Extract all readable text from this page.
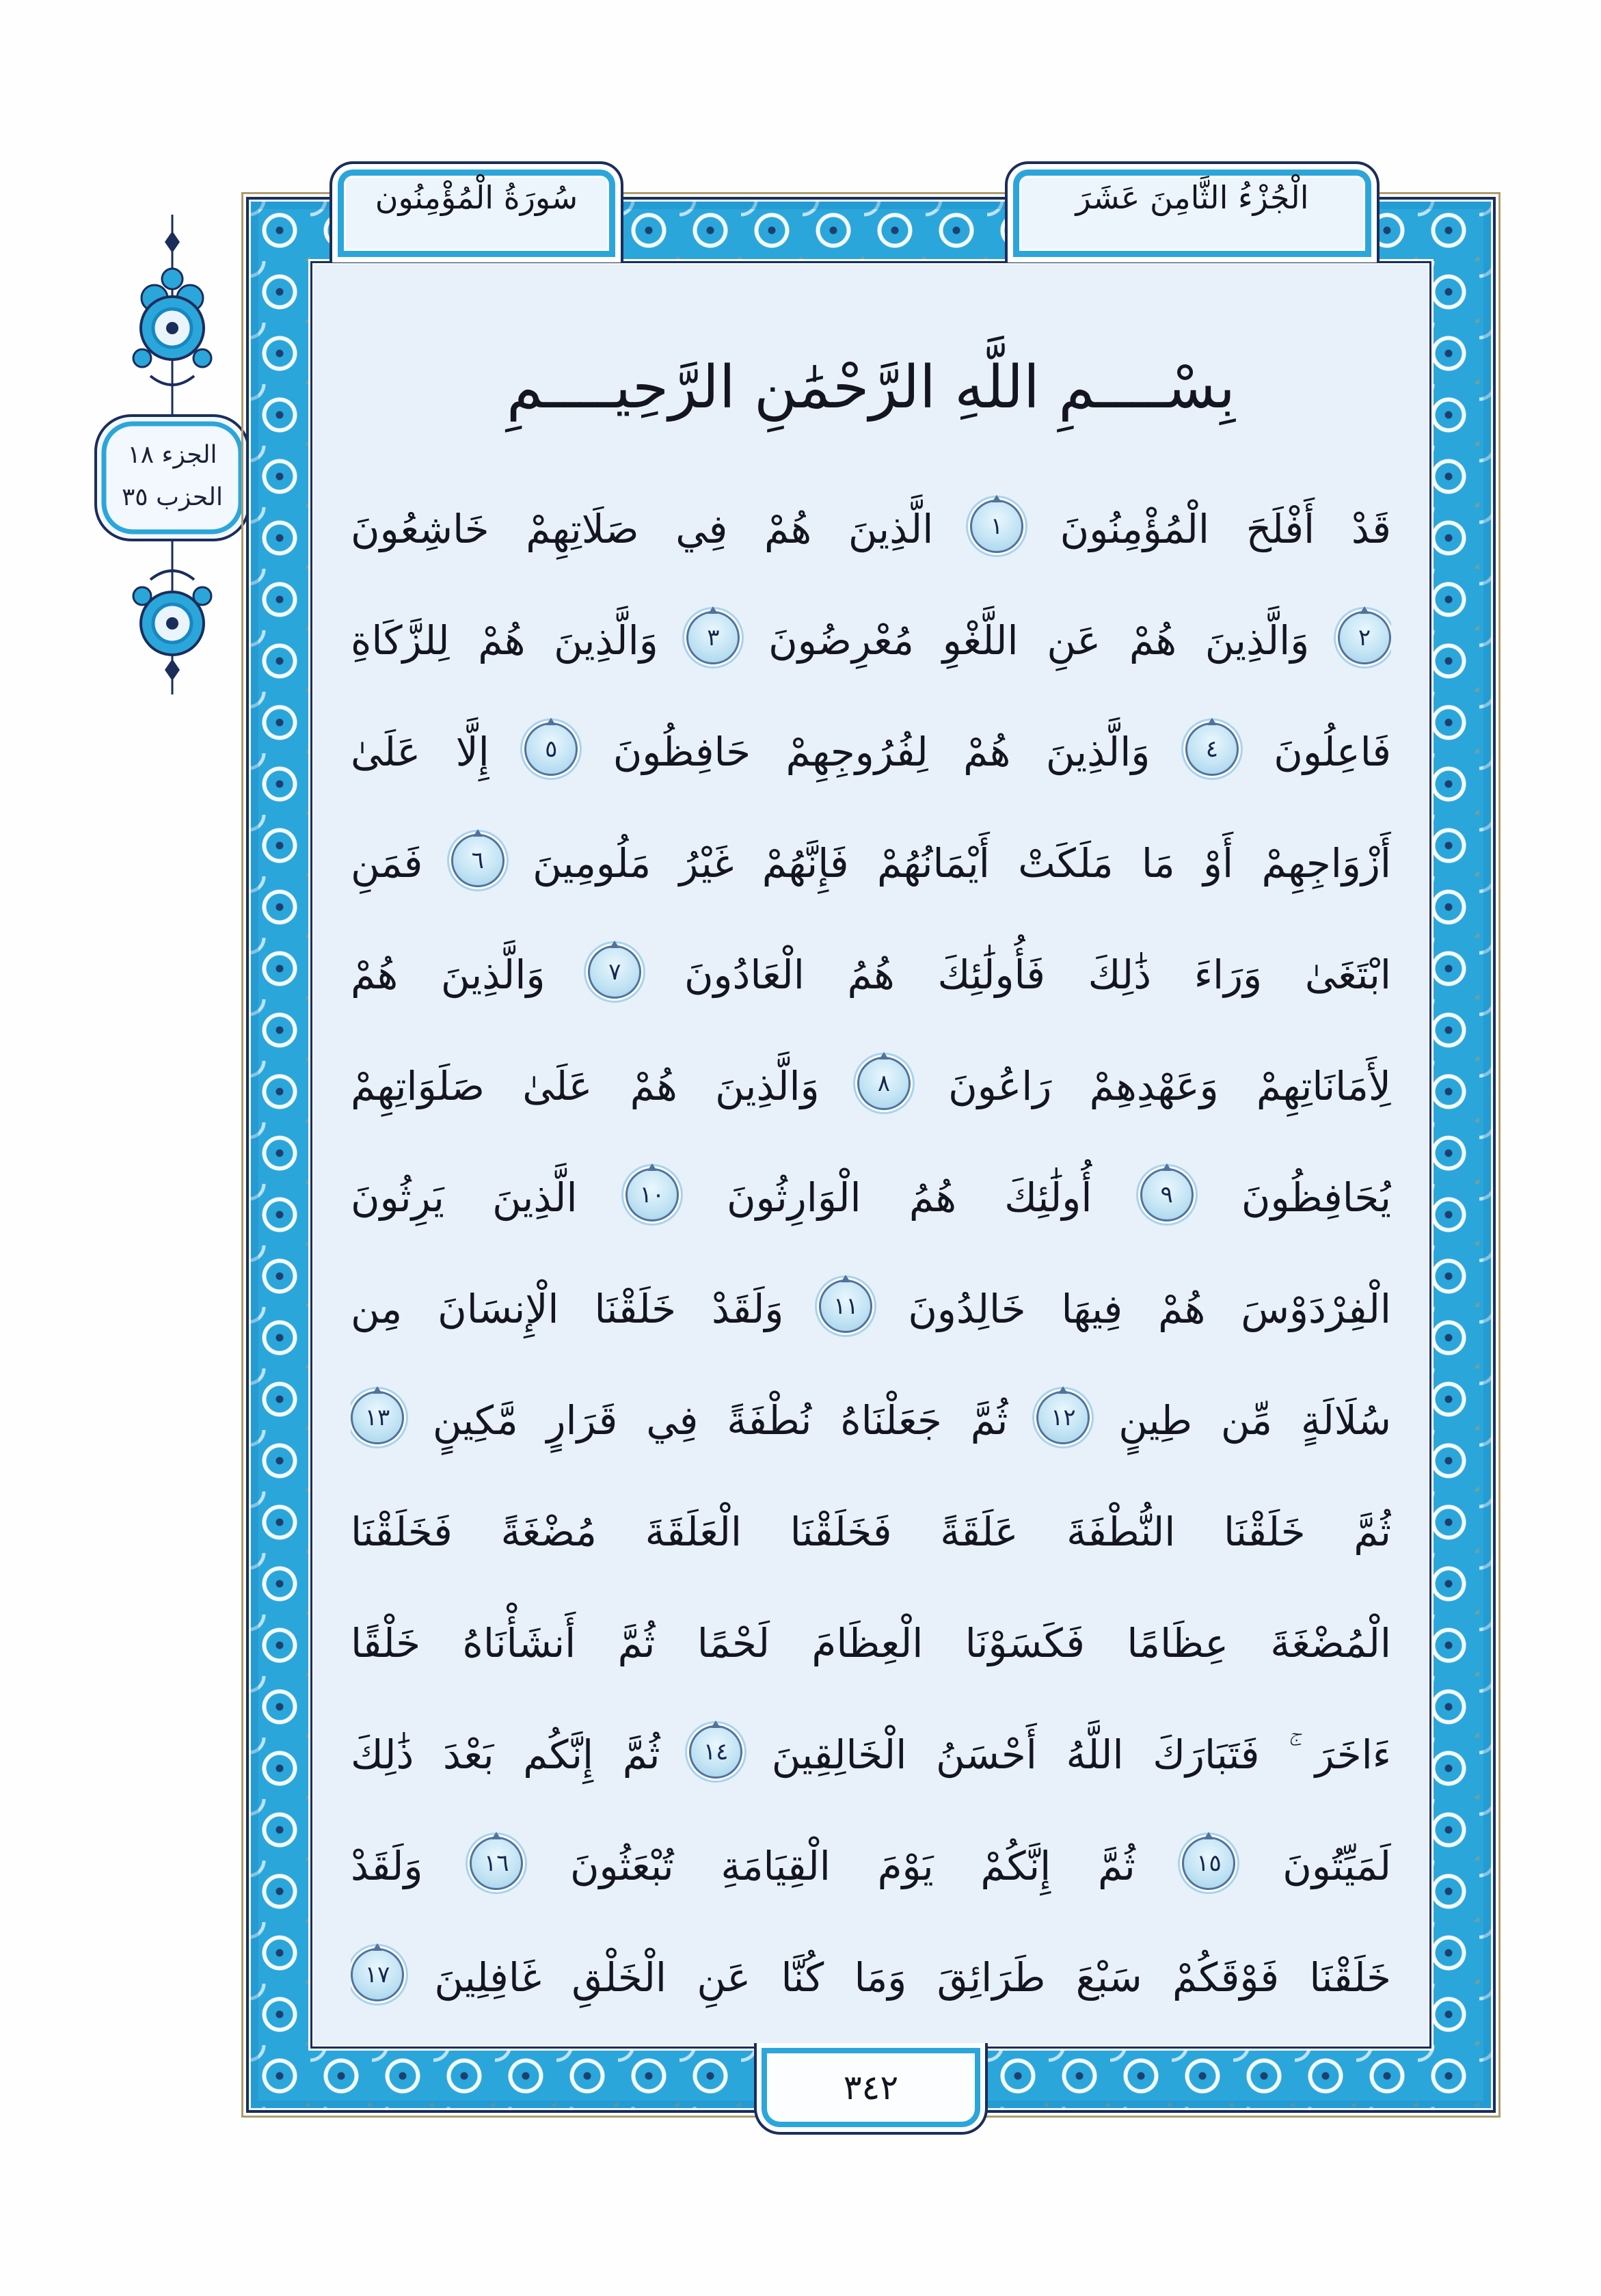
الجزء ١٨
الحزب ٣٥
سُورَةُ الْمُؤْمِنُون	الْجُزْءُ الثَّامِنَ عَشَرَ
بِسْــــمِ اللَّهِ الرَّحْمَٰنِ الرَّحِيــــمِ
قَدْ أَفْلَحَ الْمُؤْمِنُونَ
١
الَّذِينَ هُمْ فِي صَلَاتِهِمْ خَاشِعُونَ
٢
وَالَّذِينَ هُمْ عَنِ اللَّغْوِ مُعْرِضُونَ
٣
وَالَّذِينَ هُمْ لِلزَّكَاةِ
فَاعِلُونَ
٤
وَالَّذِينَ هُمْ لِفُرُوجِهِمْ حَافِظُونَ
٥
إِلَّا عَلَىٰ
أَزْوَاجِهِمْ أَوْ مَا مَلَكَتْ أَيْمَانُهُمْ فَإِنَّهُمْ غَيْرُ مَلُومِينَ
٦
فَمَنِ
ابْتَغَىٰ وَرَاءَ ذَٰلِكَ فَأُولَٰئِكَ هُمُ الْعَادُونَ
٧
وَالَّذِينَ هُمْ
لِأَمَانَاتِهِمْ وَعَهْدِهِمْ رَاعُونَ
٨
وَالَّذِينَ هُمْ عَلَىٰ صَلَوَاتِهِمْ
يُحَافِظُونَ
٩
أُولَٰئِكَ هُمُ الْوَارِثُونَ
١٠
الَّذِينَ يَرِثُونَ
الْفِرْدَوْسَ هُمْ فِيهَا خَالِدُونَ
١١
وَلَقَدْ خَلَقْنَا الْإِنسَانَ مِن
سُلَالَةٍ مِّن طِينٍ
١٢
ثُمَّ جَعَلْنَاهُ نُطْفَةً فِي قَرَارٍ مَّكِينٍ
١٣
ثُمَّ خَلَقْنَا النُّطْفَةَ عَلَقَةً فَخَلَقْنَا الْعَلَقَةَ مُضْغَةً فَخَلَقْنَا
الْمُضْغَةَ عِظَامًا فَكَسَوْنَا الْعِظَامَ لَحْمًا ثُمَّ أَنشَأْنَاهُ خَلْقًا
ءَاخَرَ ۚ فَتَبَارَكَ اللَّهُ أَحْسَنُ الْخَالِقِينَ
١٤
ثُمَّ إِنَّكُم بَعْدَ ذَٰلِكَ
لَمَيِّتُونَ
١٥
ثُمَّ إِنَّكُمْ يَوْمَ الْقِيَامَةِ تُبْعَثُونَ
١٦
وَلَقَدْ
خَلَقْنَا فَوْقَكُمْ سَبْعَ طَرَائِقَ وَمَا كُنَّا عَنِ الْخَلْقِ غَافِلِينَ
١٧
٣٤٢
